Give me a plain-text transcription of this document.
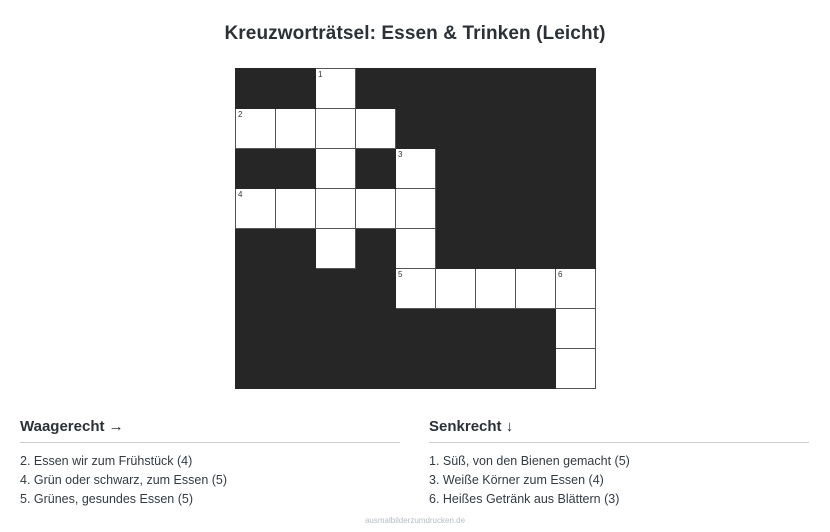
Kreuzworträtsel: Essen & Trinken (Leicht)

		1						

2								

				3				

4								

				5				6

Waagerecht →
2. Essen wir zum Frühstück (4)
4. Grün oder schwarz, zum Essen (5)
5. Grünes, gesundes Essen (5)
Senkrecht ↓
1. Süß, von den Bienen gemacht (5)
3. Weiße Körner zum Essen (4)
6. Heißes Getränk aus Blättern (3)
ausmalbilderzumdrucken.de
